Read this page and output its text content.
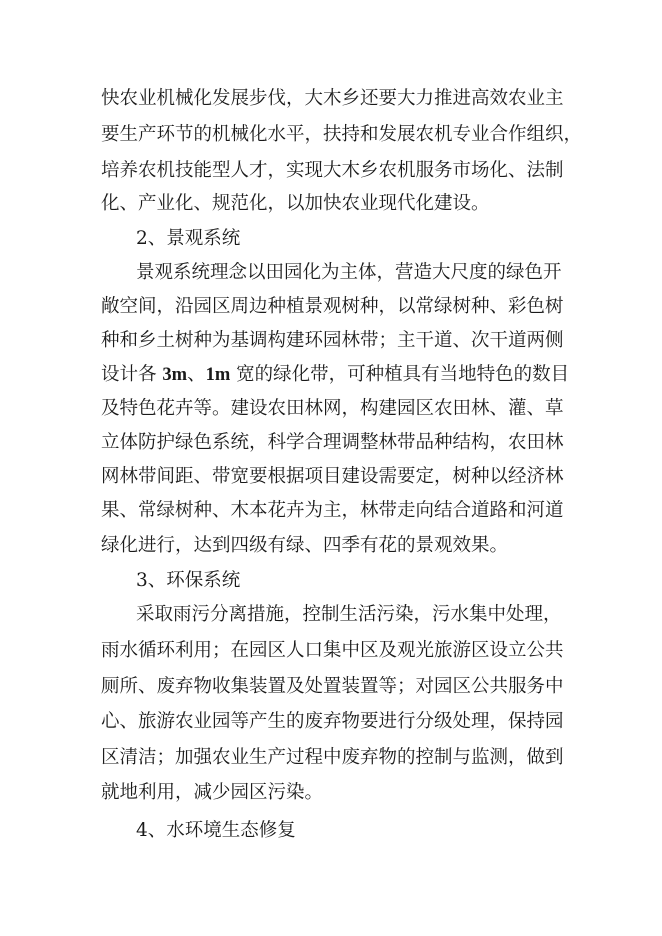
快农业机械化发展步伐，大木乡还要大力推进高效农业主
要生产环节的机械化水平，扶持和发展农机专业合作组织，
培养农机技能型人才，实现大木乡农机服务市场化、法制
化、产业化、规范化，以加快农业现代化建设。
2、景观系统
景观系统理念以田园化为主体，营造大尺度的绿色开
敞空间，沿园区周边种植景观树种，以常绿树种、彩色树
种和乡土树种为基调构建环园林带；主干道、次干道两侧
设计各 3m、1m 宽的绿化带，可种植具有当地特色的数目
及特色花卉等。建设农田林网，构建园区农田林、灌、草
立体防护绿色系统，科学合理调整林带品种结构，农田林
网林带间距、带宽要根据项目建设需要定，树种以经济林
果、常绿树种、木本花卉为主，林带走向结合道路和河道
绿化进行，达到四级有绿、四季有花的景观效果。
3、环保系统
采取雨污分离措施，控制生活污染，污水集中处理，
雨水循环利用；在园区人口集中区及观光旅游区设立公共
厕所、废弃物收集装置及处置装置等；对园区公共服务中
心、旅游农业园等产生的废弃物要进行分级处理，保持园
区清洁；加强农业生产过程中废弃物的控制与监测，做到
就地利用，减少园区污染。
4、水环境生态修复
